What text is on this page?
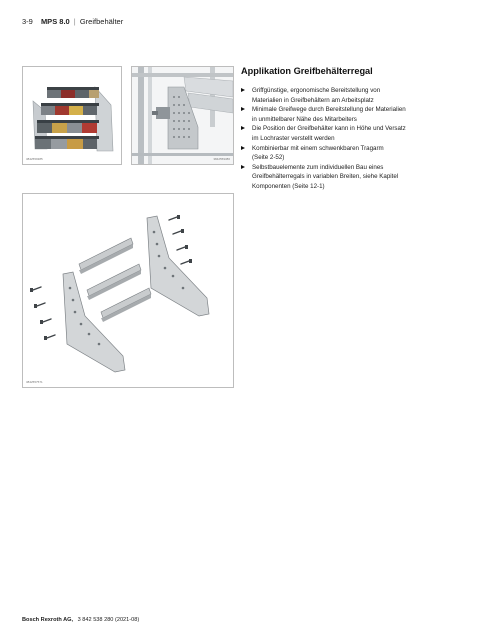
3-9 MPS 8.0 | Greifbehälter
3842559385	3842559386
3842557571
Applikation Greifbehälterregal
Griffgünstige, ergonomische Bereitstellung von
Materialien in Greifbehältern am Arbeitsplatz
Minimale Greifwege durch Bereitstellung der Materialien
in unmittelbarer Nähe des Mitarbeiters
Die Position der Greifbehälter kann in Höhe und Versatz
im Lochraster verstellt werden
Kombinierbar mit einem schwenkbaren Tragarm
(Seite 2-52)
Selbstbauelemente zum individuellen Bau eines
Greifbehälterregals in variablen Breiten, siehe Kapitel
Komponenten (Seite 12-1)
Bosch Rexroth AG, 3 842 538 280 (2021-08)
